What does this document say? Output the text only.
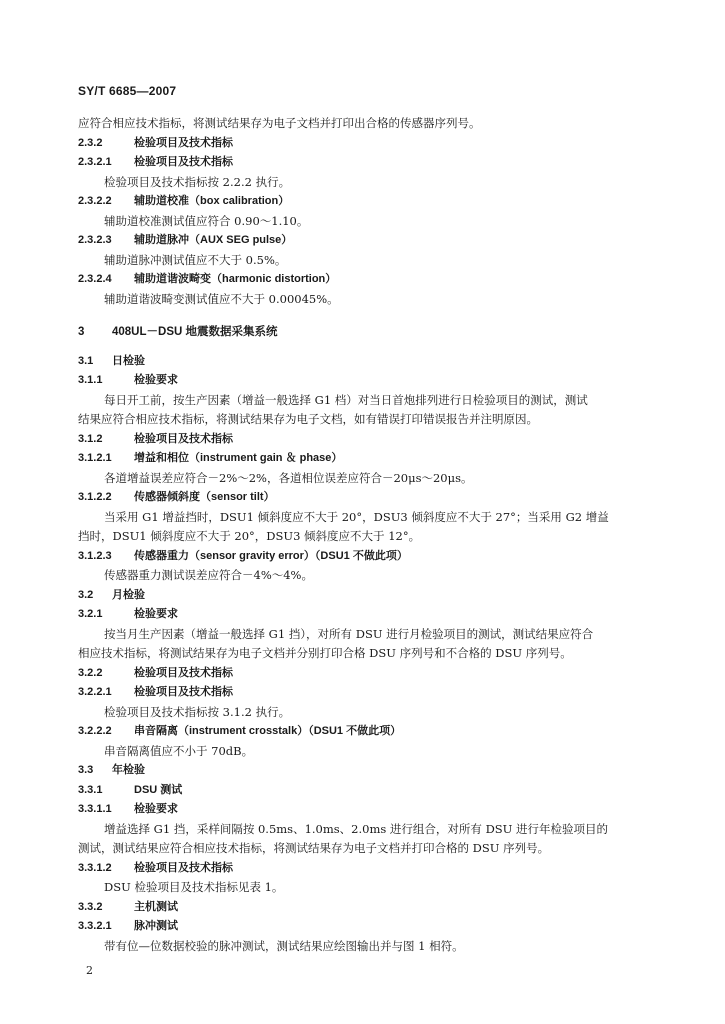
SY/T 6685—2007
应符合相应技术指标，将测试结果存为电子文档并打印出合格的传感器序列号。
2.3.2	检验项目及技术指标
2.3.2.1 检验项目及技术指标
检验项目及技术指标按 2.2.2 执行。
2.3.2.2 辅助道校准（box calibration）
辅助道校准测试值应符合 0.90～1.10。
2.3.2.3 辅助道脉冲（AUX SEG pulse）
辅助道脉冲测试值应不大于 0.5%。
2.3.2.4 辅助道谐波畸变（harmonic distortion）
辅助道谐波畸变测试值应不大于 0.00045%。
3 408UL－DSU 地震数据采集系统
3.1 日检验
3.1.1	检验要求
每日开工前，按生产因素（增益一般选择 G1 档）对当日首炮排列进行日检验项目的测试，测试
结果应符合相应技术指标，将测试结果存为电子文档，如有错误打印错误报告并注明原因。
3.1.2	检验项目及技术指标
3.1.2.1 增益和相位（instrument gain ＆ phase）
各道增益误差应符合－2%～2%，各道相位误差应符合－20μs～20μs。
3.1.2.2 传感器倾斜度（sensor tilt）
当采用 G1 增益挡时，DSU1 倾斜度应不大于 20°，DSU3 倾斜度应不大于 27°；当采用 G2 增益
挡时，DSU1 倾斜度应不大于 20°，DSU3 倾斜度应不大于 12°。
3.1.2.3 传感器重力（sensor gravity error）（DSU1 不做此项）
传感器重力测试误差应符合－4%～4%。
3.2 月检验
3.2.1	检验要求
按当月生产因素（增益一般选择 G1 挡），对所有 DSU 进行月检验项目的测试，测试结果应符合
相应技术指标，将测试结果存为电子文档并分别打印合格 DSU 序列号和不合格的 DSU 序列号。
3.2.2	检验项目及技术指标
3.2.2.1 检验项目及技术指标
检验项目及技术指标按 3.1.2 执行。
3.2.2.2 串音隔离（instrument crosstalk）（DSU1 不做此项）
串音隔离值应不小于 70dB。
3.3 年检验
3.3.1	DSU 测试
3.3.1.1 检验要求
增益选择 G1 挡，采样间隔按 0.5ms、1.0ms、2.0ms 进行组合，对所有 DSU 进行年检验项目的
测试，测试结果应符合相应技术指标，将测试结果存为电子文档并打印合格的 DSU 序列号。
3.3.1.2 检验项目及技术指标
DSU 检验项目及技术指标见表 1。
3.3.2	主机测试
3.3.2.1 脉冲测试
带有位—位数据校验的脉冲测试，测试结果应绘图输出并与图 1 相符。
2
